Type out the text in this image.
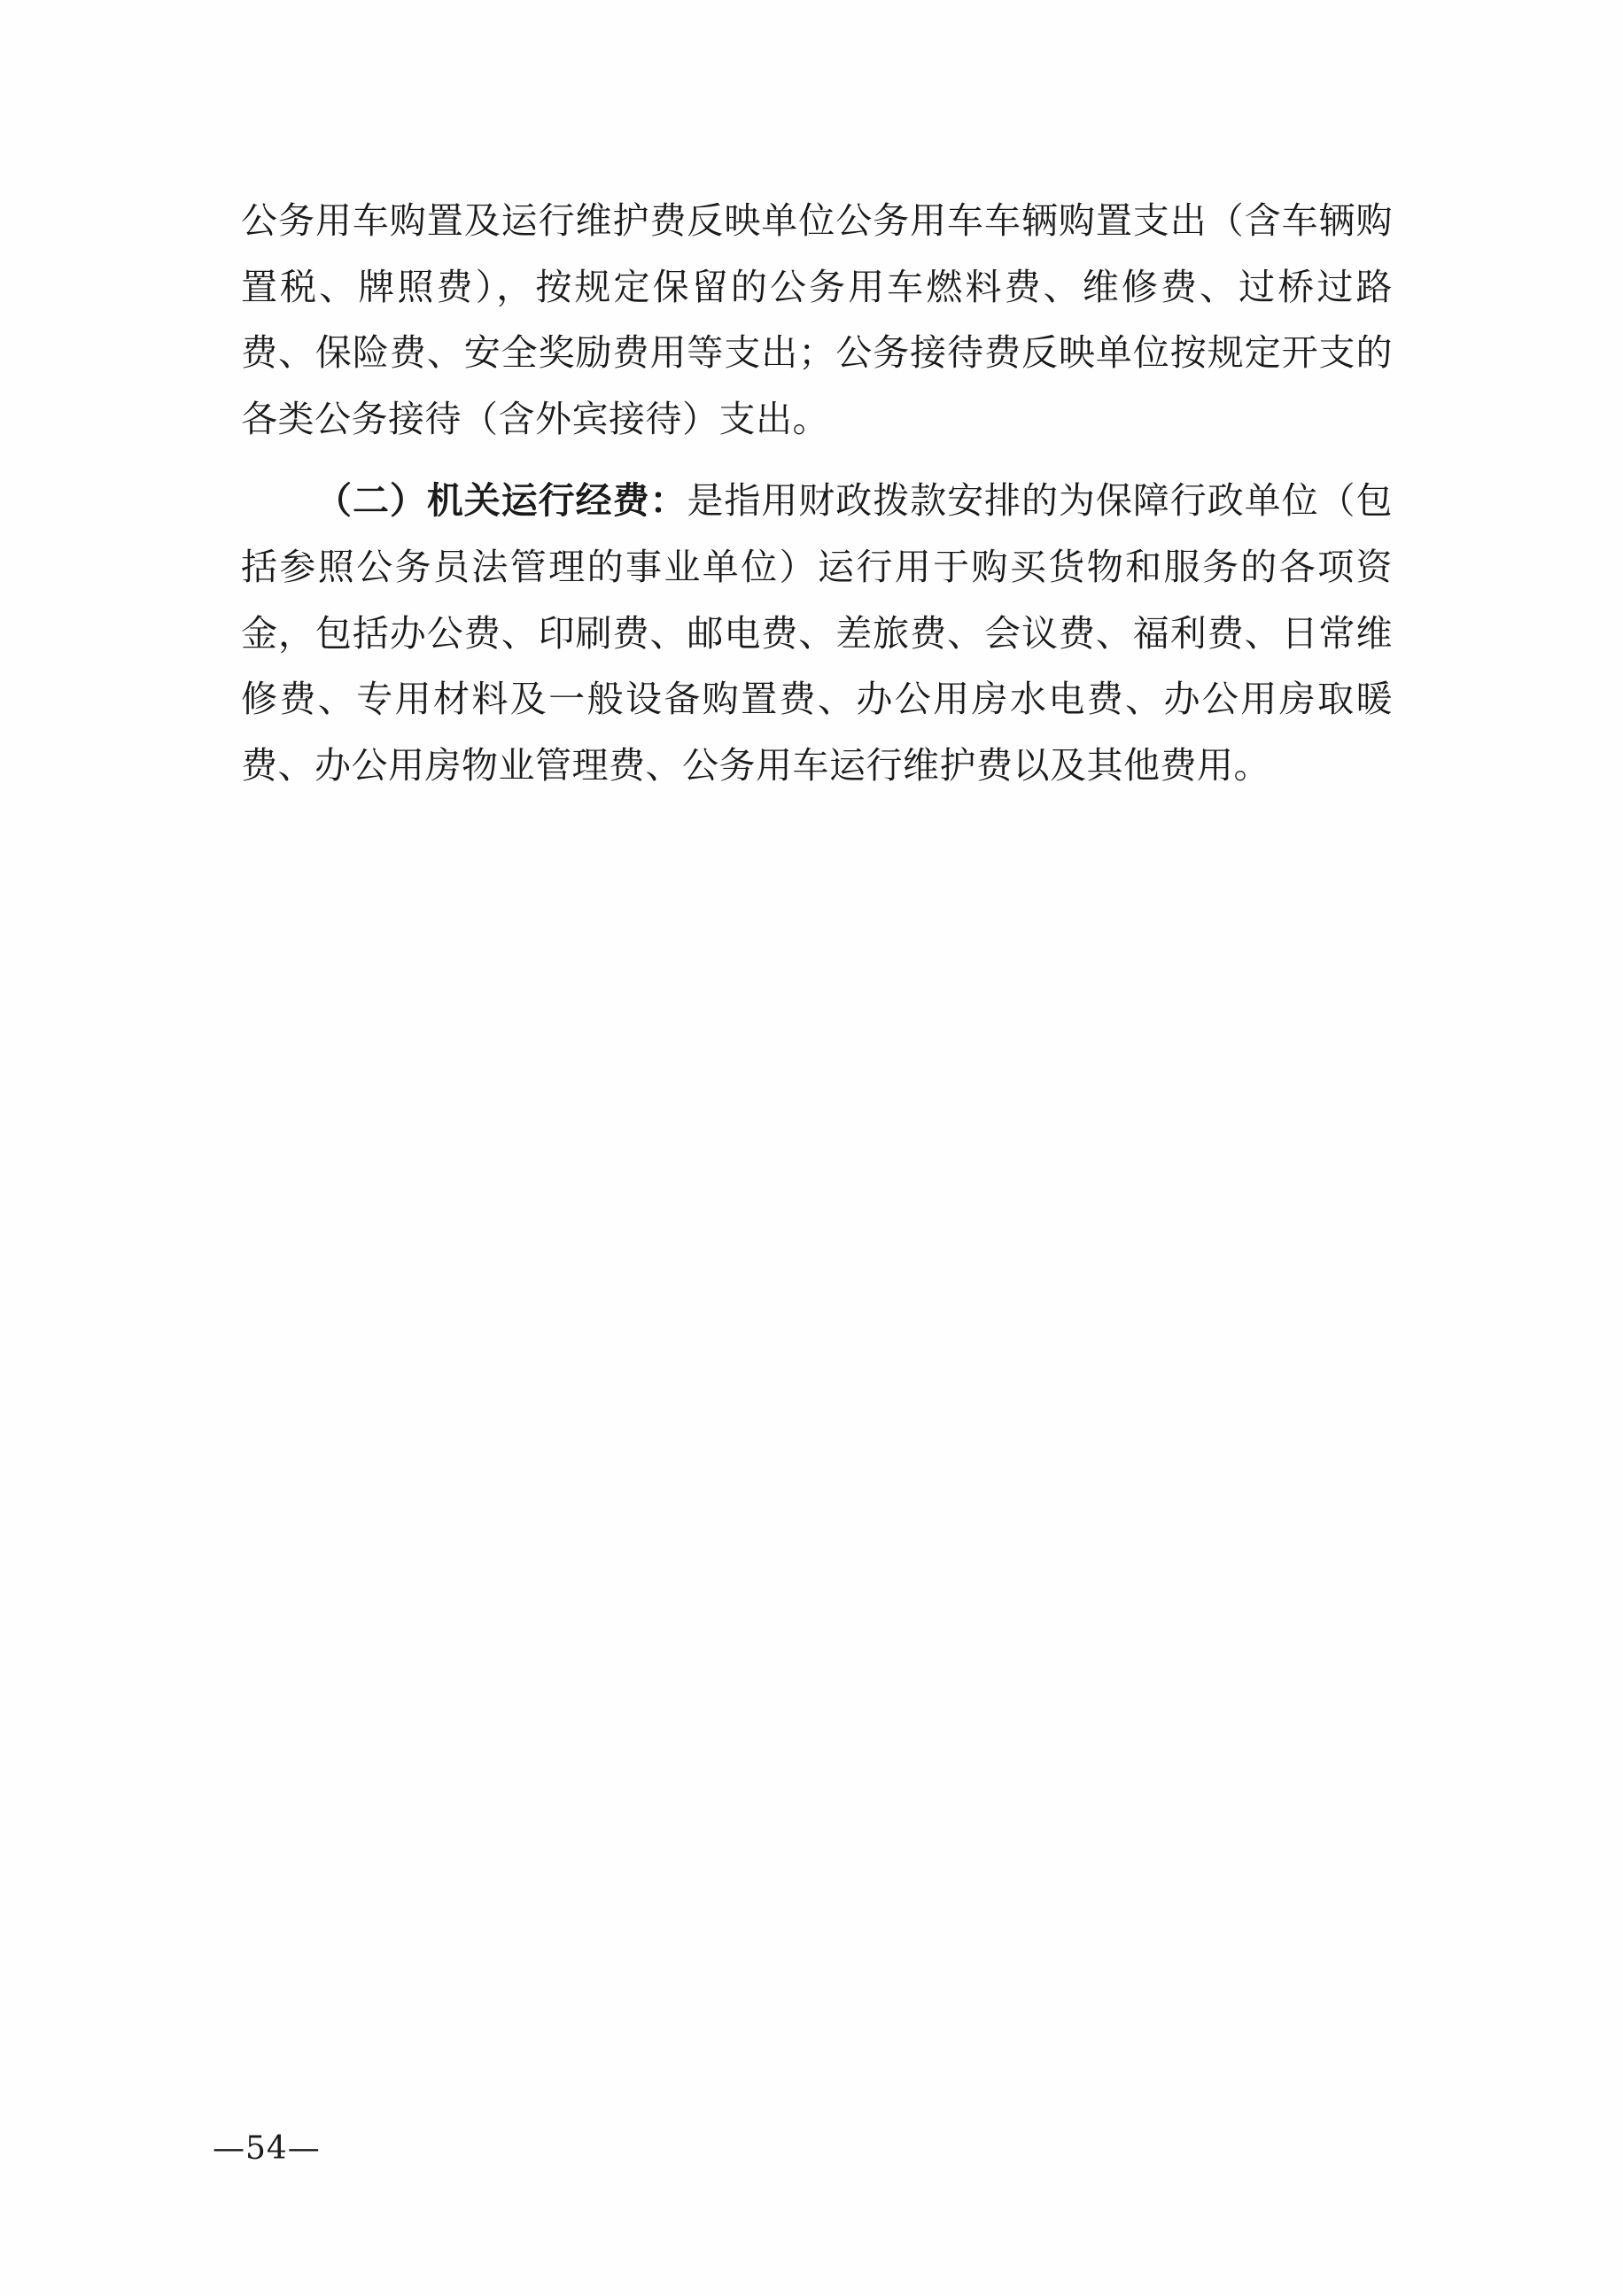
公务用车购置及运行维护费反映单位公务用车车辆购置支出（含车辆购置税、牌照费），按规定保留的公务用车燃料费、维修费、过桥过路费、保险费、安全奖励费用等支出；公务接待费反映单位按规定开支的各类公务接待（含外宾接待）支出。

（二）机关运行经费：是指用财政拨款安排的为保障行政单位（包括参照公务员法管理的事业单位）运行用于购买货物和服务的各项资金，包括办公费、印刷费、邮电费、差旅费、会议费、福利费、日常维修费、专用材料及一般设备购置费、办公用房水电费、办公用房取暖费、办公用房物业管理费、公务用车运行维护费以及其他费用。

—54—
